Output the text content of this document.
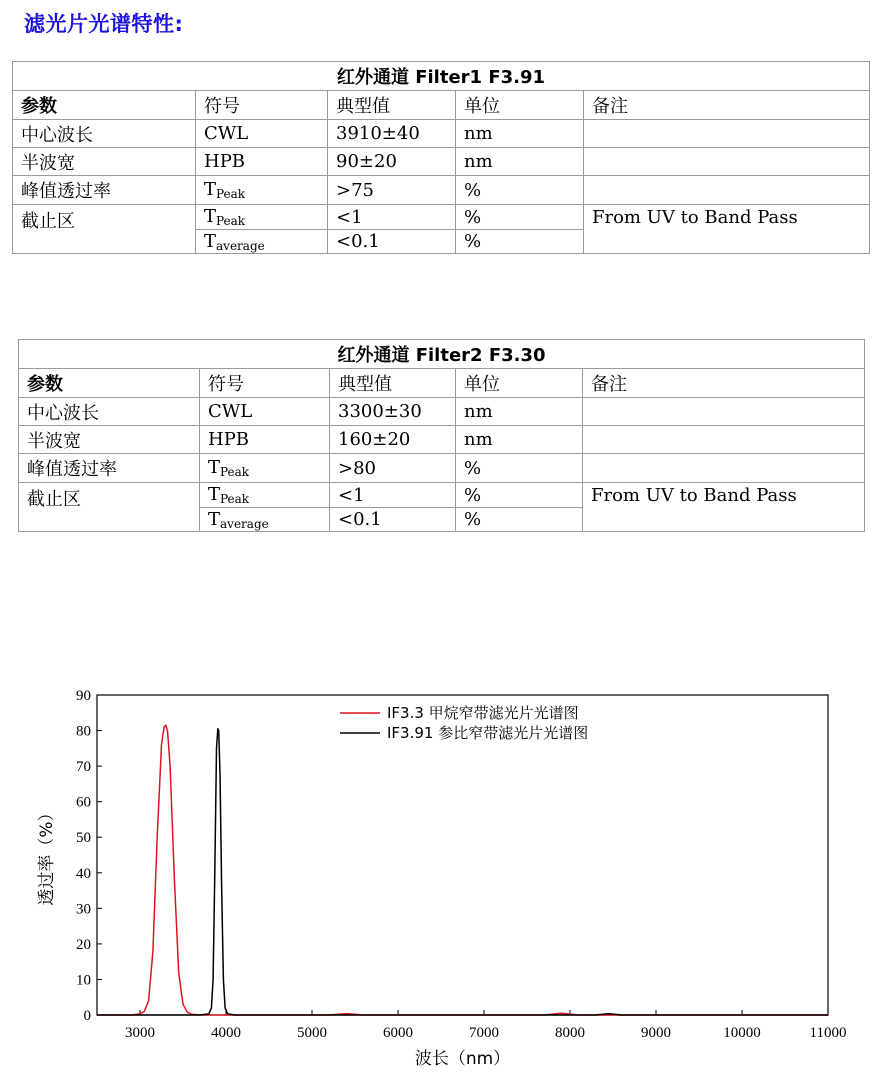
滤光片光谱特性:
红外通道 Filter1 F3.91				
参数	符号	典型值	单位	备注
中心波长	CWL	3910±40	nm	
半波宽	HPB	90±20	nm	
峰值透过率	$T_{Peak}$	>75	%	
截止区	$T_{Peak}$	<1	%	From UV to Band Pass
	$T_{average}$	<0.1	%	
红外通道 Filter2 F3.30				
参数	符号	典型值	单位	备注
中心波长	CWL	3300±30	nm	
半波宽	HPB	160±20	nm	
峰值透过率	$T_{Peak}$	>80	%	
截止区	$T_{Peak}$	<1	%	From UV to Band Pass
	$T_{average}$	<0.1	%	
3000	4000	5000	6000	7000	8000	9000	10000	11000
0
10
20
30
40
50
60
70
80
90
波长（nm）
透过率（%）
IF3.3 甲烷窄带滤光片光谱图
IF3.91 参比窄带滤光片光谱图
